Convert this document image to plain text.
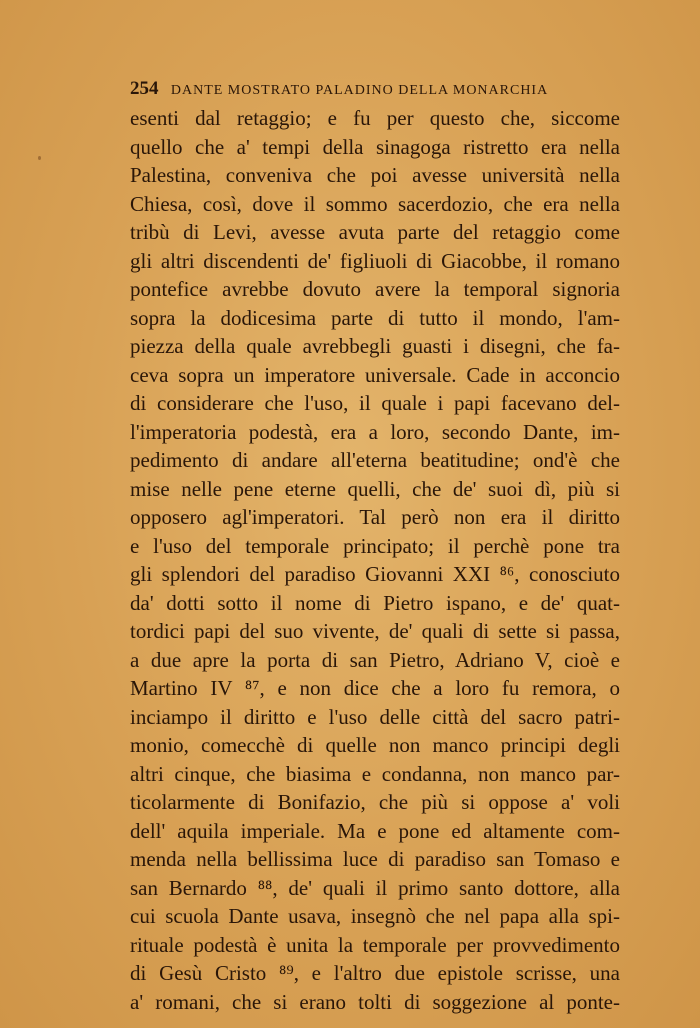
254 DANTE MOSTRATO PALADINO DELLA MONARCHIA
esenti dal retaggio; e fu per questo che, siccome
quello che a' tempi della sinagoga ristretto era nella
Palestina, conveniva che poi avesse università nella
Chiesa, così, dove il sommo sacerdozio, che era nella
tribù di Levi, avesse avuta parte del retaggio come
gli altri discendenti de' figliuoli di Giacobbe, il romano
pontefice avrebbe dovuto avere la temporal signoria
sopra la dodicesima parte di tutto il mondo, l'am-
piezza della quale avrebbegli guasti i disegni, che fa-
ceva sopra un imperatore universale. Cade in acconcio
di considerare che l'uso, il quale i papi facevano del-
l'imperatoria podestà, era a loro, secondo Dante, im-
pedimento di andare all'eterna beatitudine; ond'è che
mise nelle pene eterne quelli, che de' suoi dì, più si
opposero agl'imperatori. Tal però non era il diritto
e l'uso del temporale principato; il perchè pone tra
gli splendori del paradiso Giovanni XXI ⁸⁶, conosciuto
da' dotti sotto il nome di Pietro ispano, e de' quat-
tordici papi del suo vivente, de' quali di sette si passa,
a due apre la porta di san Pietro, Adriano V, cioè e
Martino IV ⁸⁷, e non dice che a loro fu remora, o
inciampo il diritto e l'uso delle città del sacro patri-
monio, comecchè di quelle non manco principi degli
altri cinque, che biasima e condanna, non manco par-
ticolarmente di Bonifazio, che più si oppose a' voli
dell' aquila imperiale. Ma e pone ed altamente com-
menda nella bellissima luce di paradiso san Tomaso e
san Bernardo ⁸⁸, de' quali il primo santo dottore, alla
cui scuola Dante usava, insegnò che nel papa alla spi-
rituale podestà è unita la temporale per provvedimento
di Gesù Cristo ⁸⁹, e l'altro due epistole scrisse, una
a' romani, che si erano tolti di soggezione al ponte-
